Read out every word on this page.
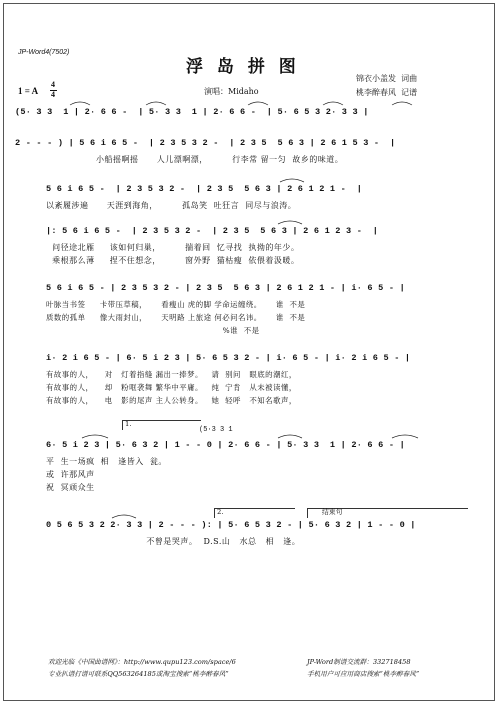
JP-Word4(7502)
浮 岛 拼 图
1 = A
4
4	演唱：Midaho
锦衣小盖发  词曲
桃李醉春风  记谱
(5· 3 3  1 | 2· 6 6 -  | 5· 3 3  1 | 2· 6 6 -  | 5· 6 5 3 2· 3 3 |
2 - - - ) | 5 6 i 6 5 -  | 2 3 5 3 2 -  | 2 3 5  5 6 3 | 2 6 1 5 3 -  |
小船摇啊摇      人儿漂啊漂，        行李常 留一匀  故乡的味道。
5 6 i 6 5 -  | 2 3 5 3 2 -  | 2 3 5  5 6 3 | 2 6 1 2 1 -  |
以紊履涉遍      天涯到海角，        孤岛笑  吐狂言  同尽与浪涛。
|: 5 6 i 6 5 -  | 2 3 5 3 2 -  | 2 3 5  5 6 3 | 2 6 1 2 3 -  |
问径途北雁     该如何归巢，        揣着回  忆寻找  执拗的年少。
乘根那么薄     捏不住想念，        窗外野  猫枯瘦  依偎着汲暖。
5 6 i 6 5 - | 2 3 5 3 2 - | 2 3 5  5 6 3 | 2 6 1 2 1 - | i· 6 5 - |
叶脉当书签     卡带压草稿，     看瘦山 虎的脚 学命运缠绕。     谁  不是
质数的孤单     像大雨封山，     天明路 上旅途 何必问名讳。     谁  不是
%谁  不是
i· 2 i 6 5 - | 6· 5 i 2 3 | 5· 6 5 3 2 - | i· 6 5 - | i· 2 i 6 5 - |
有故事的人，    对   灯着指缝 漏出一捧梦。   请  别问   眼底的潮红，
有故事的人，    却   粉哐袭舞 繁华中平庸。   纯  宁肯   从未被读懂，
有故事的人，    电   影的尾声 主人公转身。   她  轻呼   不知名歌声，
1.
(5·3 3 1
6· 5 i 2 3 | 5· 6 3 2 | 1 - - 0 | 2· 6 6 - | 5· 3 3  1 | 2· 6 6 - |
平  生一场疯  相   逢皆入  瓮。
或  许那风声
祝  冥顽众生
2.	结束句
0 5 6 5 3 2 2· 3 3 | 2 - - - ): | 5· 6 5 3 2 - | 5· 6 3 2 | 1 - - 0 |
不曾是哭声。  D.S.山   水总   相   逢。
欢迎光临《中国曲谱网》：http://www.qupu123.com/space/6
专业扒谱打谱可联系QQ563264185或淘宝搜索“桃李醉春风”
JP-Word制谱交流群：332718458
手机用户可应用商店搜索“桃李醉春风”
